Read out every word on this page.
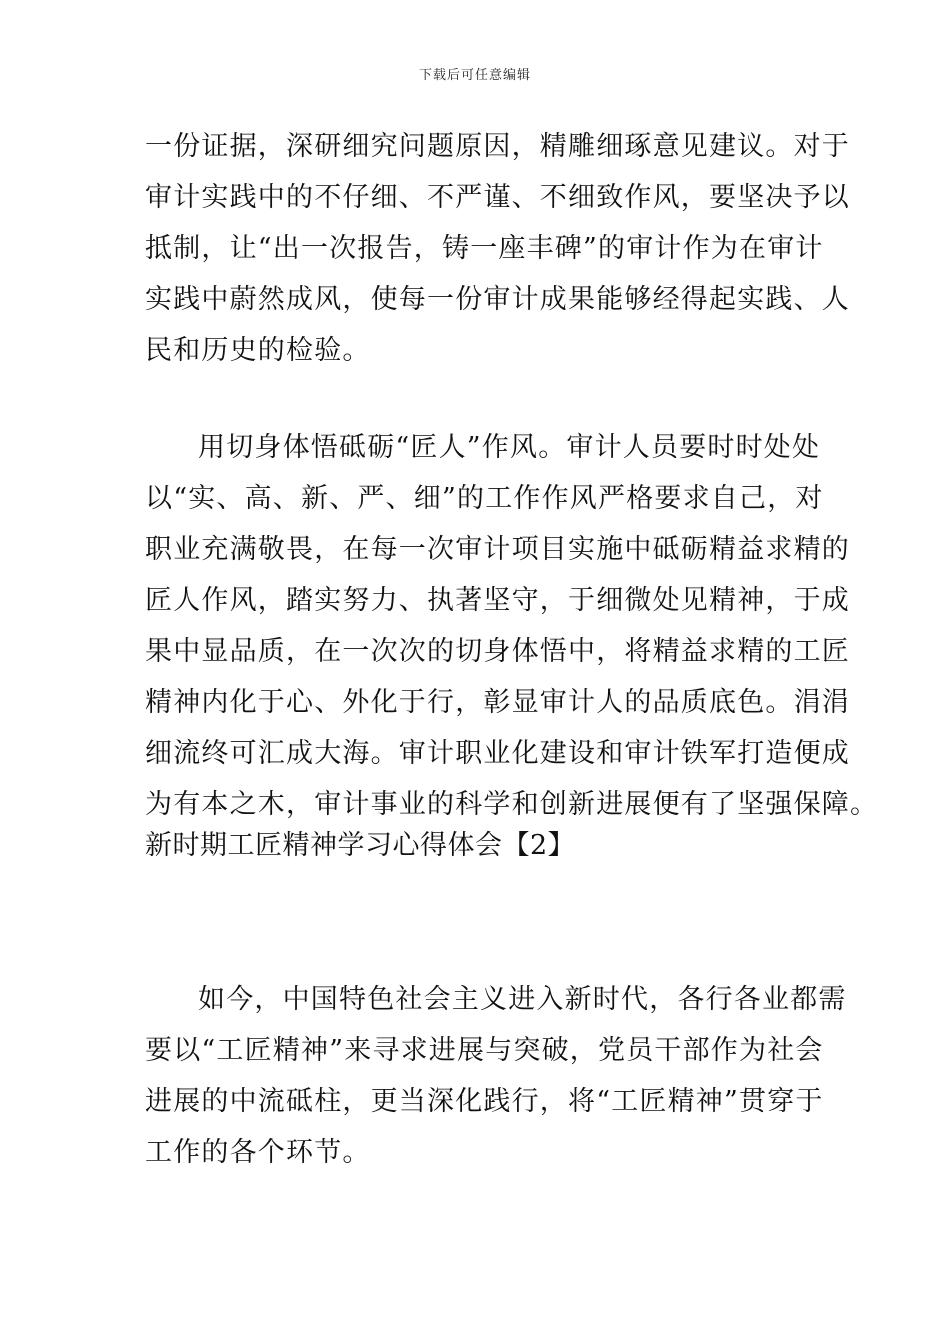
下载后可任意编辑
一份证据，深研细究问题原因，精雕细琢意见建议。对于
审计实践中的不仔细、不严谨、不细致作风，要坚决予以
抵制，让“出一次报告，铸一座丰碑”的审计作为在审计
实践中蔚然成风，使每一份审计成果能够经得起实践、人
民和历史的检验。
用切身体悟砥砺“匠人”作风。审计人员要时时处处
以“实、高、新、严、细”的工作作风严格要求自己，对
职业充满敬畏，在每一次审计项目实施中砥砺精益求精的
匠人作风，踏实努力、执著坚守，于细微处见精神，于成
果中显品质，在一次次的切身体悟中，将精益求精的工匠
精神内化于心、外化于行，彰显审计人的品质底色。涓涓
细流终可汇成大海。审计职业化建设和审计铁军打造便成
为有本之木，审计事业的科学和创新进展便有了坚强保障。
新时期工匠精神学习心得体会【2】
如今，中国特色社会主义进入新时代，各行各业都需
要以“工匠精神”来寻求进展与突破，党员干部作为社会
进展的中流砥柱，更当深化践行，将“工匠精神”贯穿于
工作的各个环节。
